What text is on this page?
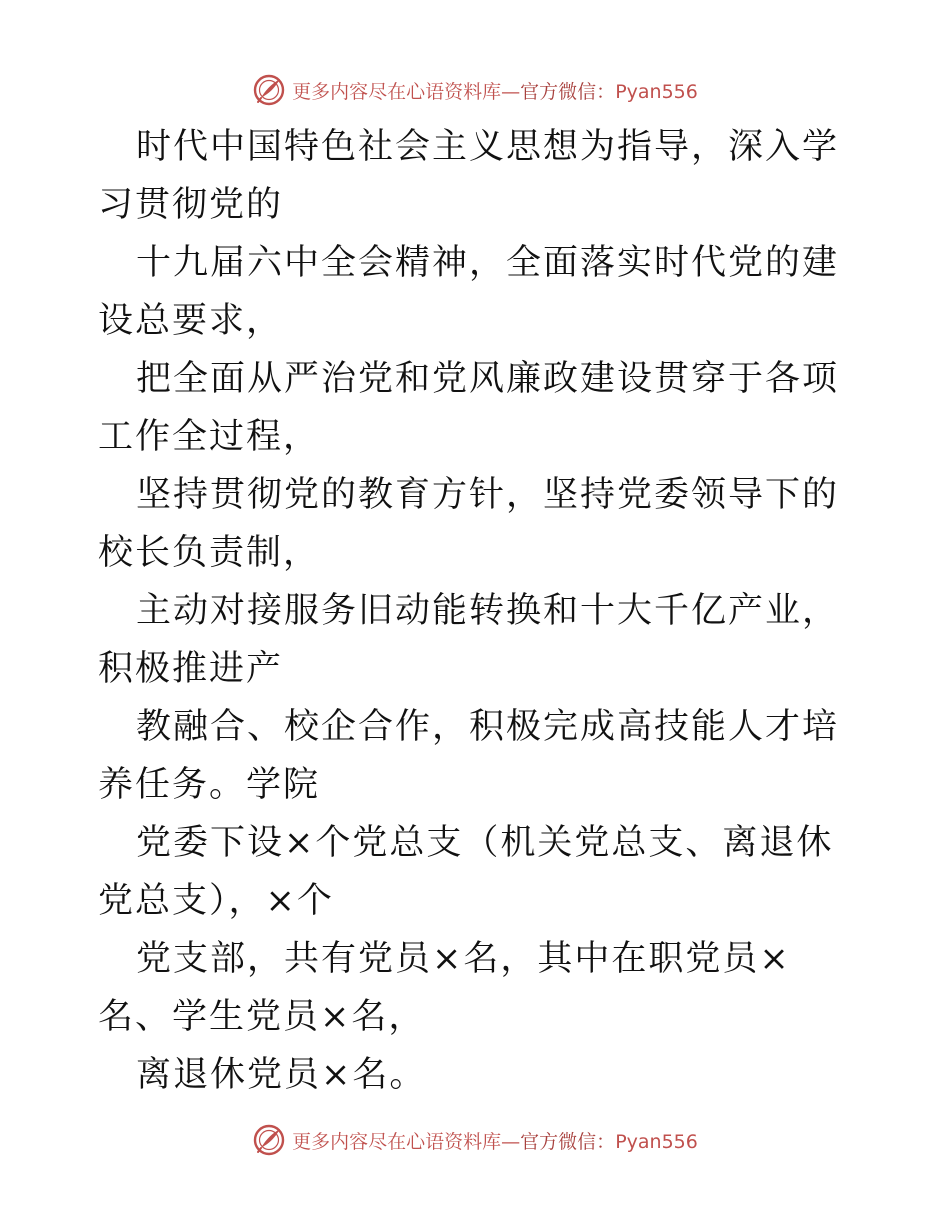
更多内容尽在心语资料库—官方微信：Pyan556

时代中国特色社会主义思想为指导，深入学习贯彻党的

十九届六中全会精神，全面落实时代党的建设总要求，

把全面从严治党和党风廉政建设贯穿于各项工作全过程，

坚持贯彻党的教育方针，坚持党委领导下的校长负责制，

主动对接服务旧动能转换和十大千亿产业，积极推进产

教融合、校企合作，积极完成高技能人才培养任务。学院

党委下设×个党总支（机关党总支、离退休党总支），×个

党支部，共有党员×名，其中在职党员×名、学生党员×名，

离退休党员×名。

更多内容尽在心语资料库—官方微信：Pyan556
